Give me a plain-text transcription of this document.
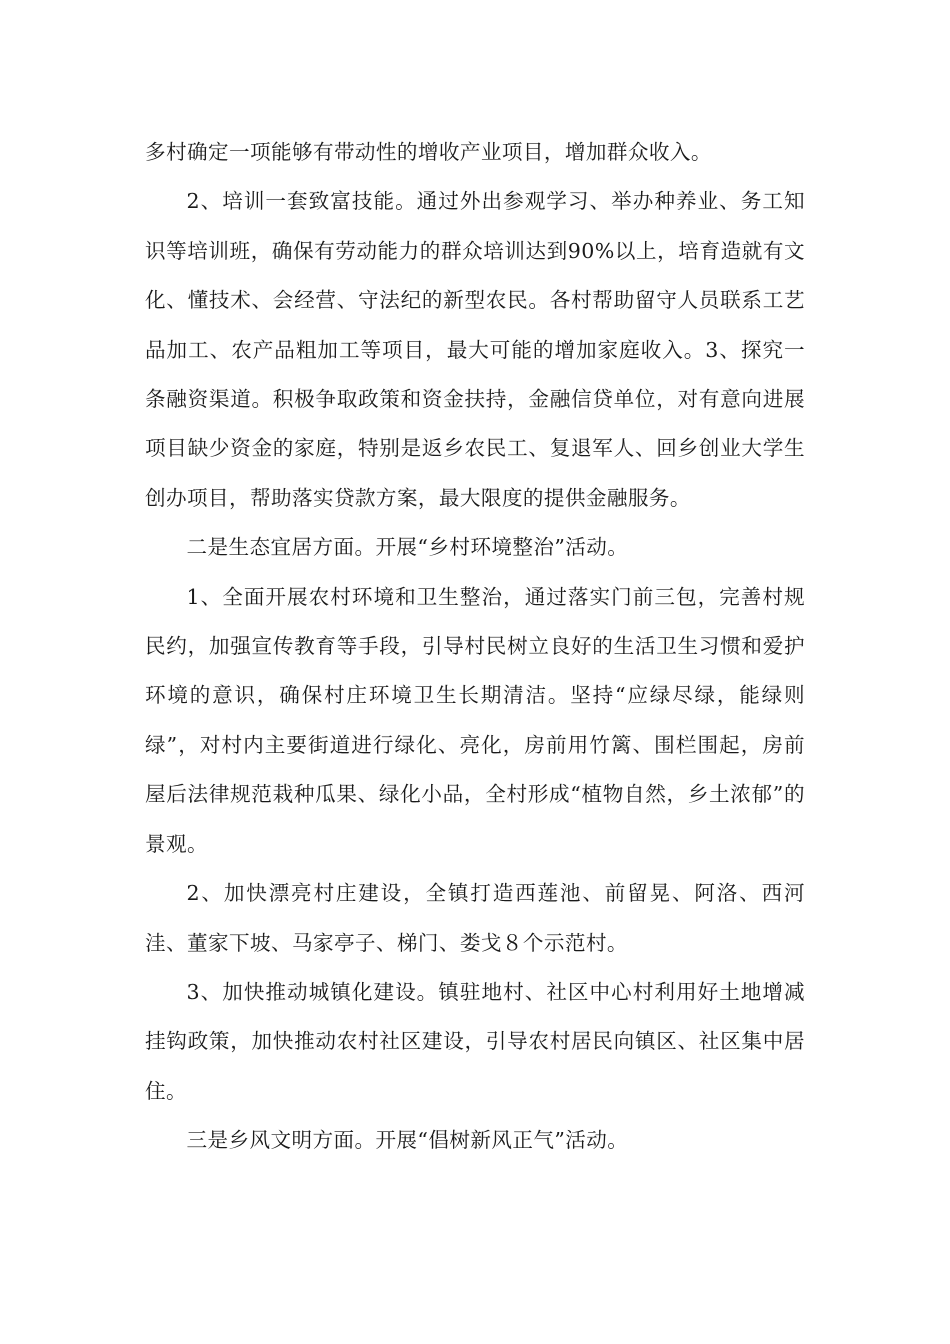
多村确定一项能够有带动性的增收产业项目，增加群众收入。

2、培训一套致富技能。通过外出参观学习、举办种养业、务工知识等培训班，确保有劳动能力的群众培训达到90%以上，培育造就有文化、懂技术、会经营、守法纪的新型农民。各村帮助留守人员联系工艺品加工、农产品粗加工等项目，最大可能的增加家庭收入。3、探究一条融资渠道。积极争取政策和资金扶持，金融信贷单位，对有意向进展项目缺少资金的家庭，特别是返乡农民工、复退军人、回乡创业大学生创办项目，帮助落实贷款方案，最大限度的提供金融服务。

二是生态宜居方面。开展“乡村环境整治”活动。

1、全面开展农村环境和卫生整治，通过落实门前三包，完善村规民约，加强宣传教育等手段，引导村民树立良好的生活卫生习惯和爱护环境的意识，确保村庄环境卫生长期清洁。坚持“应绿尽绿，能绿则绿”，对村内主要街道进行绿化、亮化，房前用竹篱、围栏围起，房前屋后法律规范栽种瓜果、绿化小品，全村形成“植物自然，乡土浓郁”的景观。

2、加快漂亮村庄建设，全镇打造西莲池、前留晃、阿洛、西河洼、董家下坡、马家亭子、梯门、娄戈８个示范村。

3、加快推动城镇化建设。镇驻地村、社区中心村利用好土地增减挂钩政策，加快推动农村社区建设，引导农村居民向镇区、社区集中居住。

三是乡风文明方面。开展“倡树新风正气”活动。
